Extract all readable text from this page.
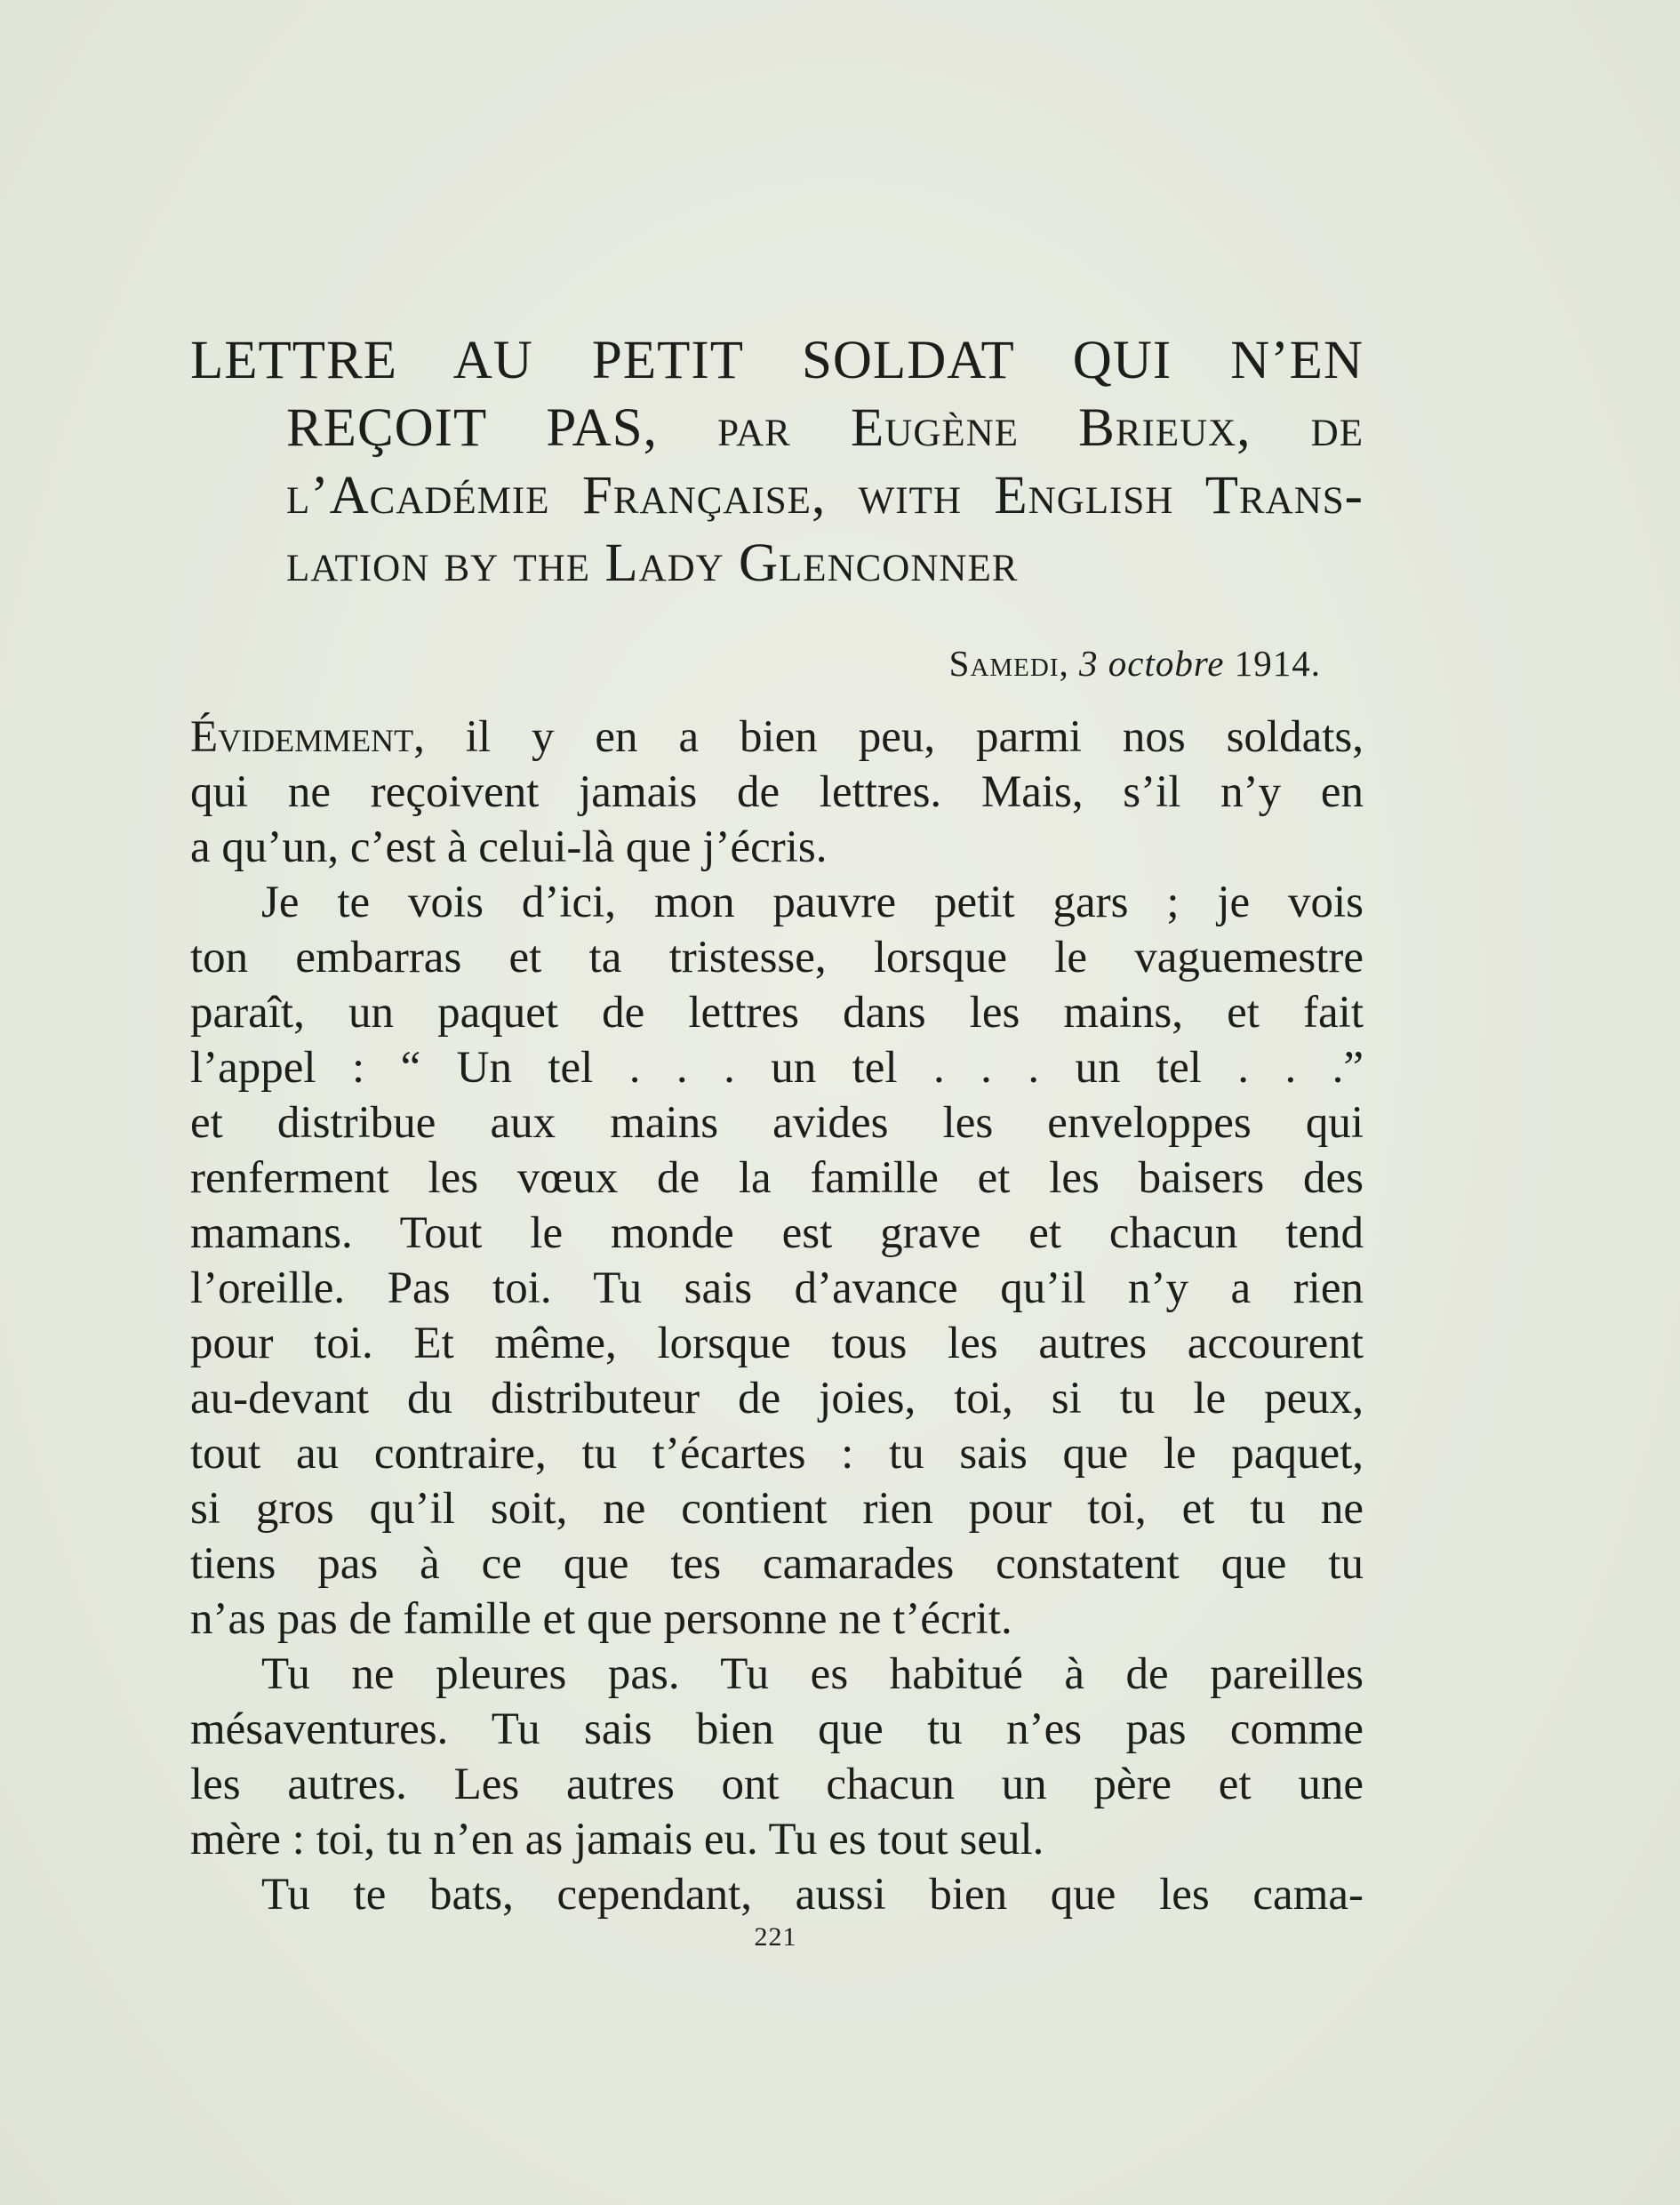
LETTRE AU PETIT SOLDAT QUI N’EN
REÇOIT PAS, par Eugène Brieux, de
l’Académie Française, with English Trans-
lation by the Lady Glenconner
Samedi, 3 octobre 1914.
Évidemment, il y en a bien peu, parmi nos soldats,
qui ne reçoivent jamais de lettres. Mais, s’il n’y en
a qu’un, c’est à celui-là que j’écris.
Je te vois d’ici, mon pauvre petit gars ; je vois
ton embarras et ta tristesse, lorsque le vaguemestre
paraît, un paquet de lettres dans les mains, et fait
l’appel : “ Un tel . . . un tel . . . un tel . . .”
et distribue aux mains avides les enveloppes qui
renferment les vœux de la famille et les baisers des
mamans. Tout le monde est grave et chacun tend
l’oreille. Pas toi. Tu sais d’avance qu’il n’y a rien
pour toi. Et même, lorsque tous les autres accourent
au-devant du distributeur de joies, toi, si tu le peux,
tout au contraire, tu t’écartes : tu sais que le paquet,
si gros qu’il soit, ne contient rien pour toi, et tu ne
tiens pas à ce que tes camarades constatent que tu
n’as pas de famille et que personne ne t’écrit.
Tu ne pleures pas. Tu es habitué à de pareilles
mésaventures. Tu sais bien que tu n’es pas comme
les autres. Les autres ont chacun un père et une
mère : toi, tu n’en as jamais eu. Tu es tout seul.
Tu te bats, cependant, aussi bien que les cama-
221
